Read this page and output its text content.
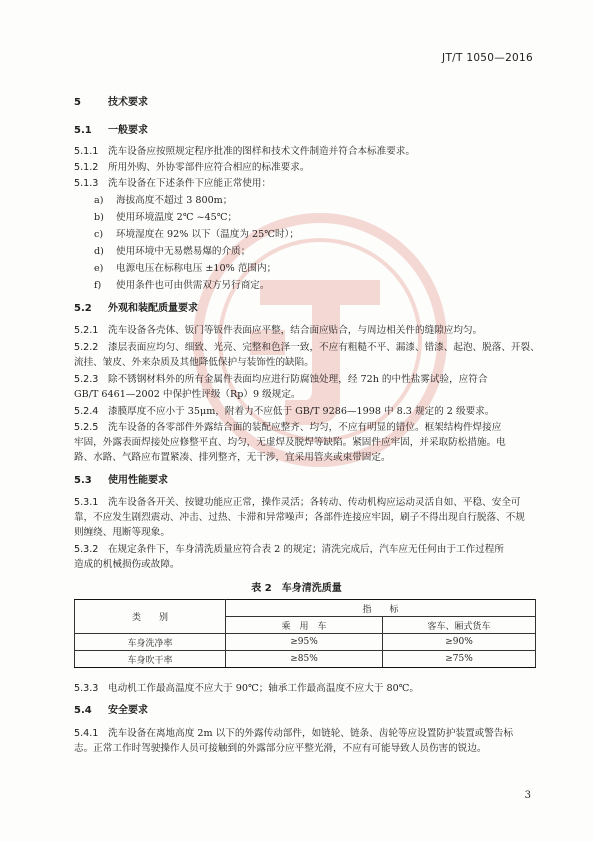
JT/T 1050—2016
5	技术要求
5.1 一般要求
5.1.1 洗车设备应按照规定程序批准的图样和技术文件制造并符合本标准要求。
5.1.2 所用外购、外协零部件应符合相应的标准要求。
5.1.3 洗车设备在下述条件下应能正常使用：
a) 海拔高度不超过 3 800m；
b) 使用环境温度 2℃ ~45℃；
c) 环境湿度在 92% 以下（温度为 25℃时）；
d) 使用环境中无易燃易爆的介质；
e) 电源电压在标称电压 ±10% 范围内；
f) 使用条件也可由供需双方另行商定。
5.2 外观和装配质量要求
5.2.1 洗车设备各壳体、钣门等钣件表面应平整，结合面应贴合，与周边相关件的缝隙应均匀。
5.2.2 漆层表面应均匀、细致、光亮、完整和色泽一致，不应有粗糙不平、漏漆、错漆、起泡、脱落、开裂、
流挂、皱皮、外来杂质及其他降低保护与装饰性的缺陷。
5.2.3 除不锈钢材料外的所有金属件表面均应进行防腐蚀处理，经 72h 的中性盐雾试验，应符合
GB/T 6461—2002 中保护性评级（Rp）9 级规定。
5.2.4 漆膜厚度不应小于 35μm，附着力不应低于 GB/T 9286—1998 中 8.3 规定的 2 级要求。
5.2.5 洗车设备的各零部件外露结合面的装配应整齐、均匀，不应有明显的错位。框架结构件焊接应
牢固，外露表面焊接处应修整平直、均匀，无虚焊及脱焊等缺陷。紧固件应牢固，并采取防松措施。电
路、水路、气路应布置紧凑、排列整齐，无干涉，宜采用管夹或束带固定。
5.3 使用性能要求
5.3.1 洗车设备各开关、按键功能应正常，操作灵活；各转动、传动机构应运动灵活自如、平稳、安全可
靠，不应发生剧烈震动、冲击、过热、卡滞和异常噪声；各部件连接应牢固，刷子不得出现自行脱落、不规
则缠绕、甩断等现象。
5.3.2 在规定条件下，车身清洗质量应符合表 2 的规定；清洗完成后，汽车应无任何由于工作过程所
造成的机械损伤或故障。
表 2　车身清洗质量
类　　别	指　　标	
	乘　用　车	客车、厢式货车
车身洗净率	≥95%	≥90%
车身吹干率	≥85%	≥75%
5.3.3 电动机工作最高温度不应大于 90℃；轴承工作最高温度不应大于 80℃。
5.4 安全要求
5.4.1 洗车设备在离地高度 2m 以下的外露传动部件，如链轮、链条、齿轮等应设置防护装置或警告标
志。正常工作时驾驶操作人员可接触到的外露部分应平整光滑，不应有可能导致人员伤害的锐边。
3
